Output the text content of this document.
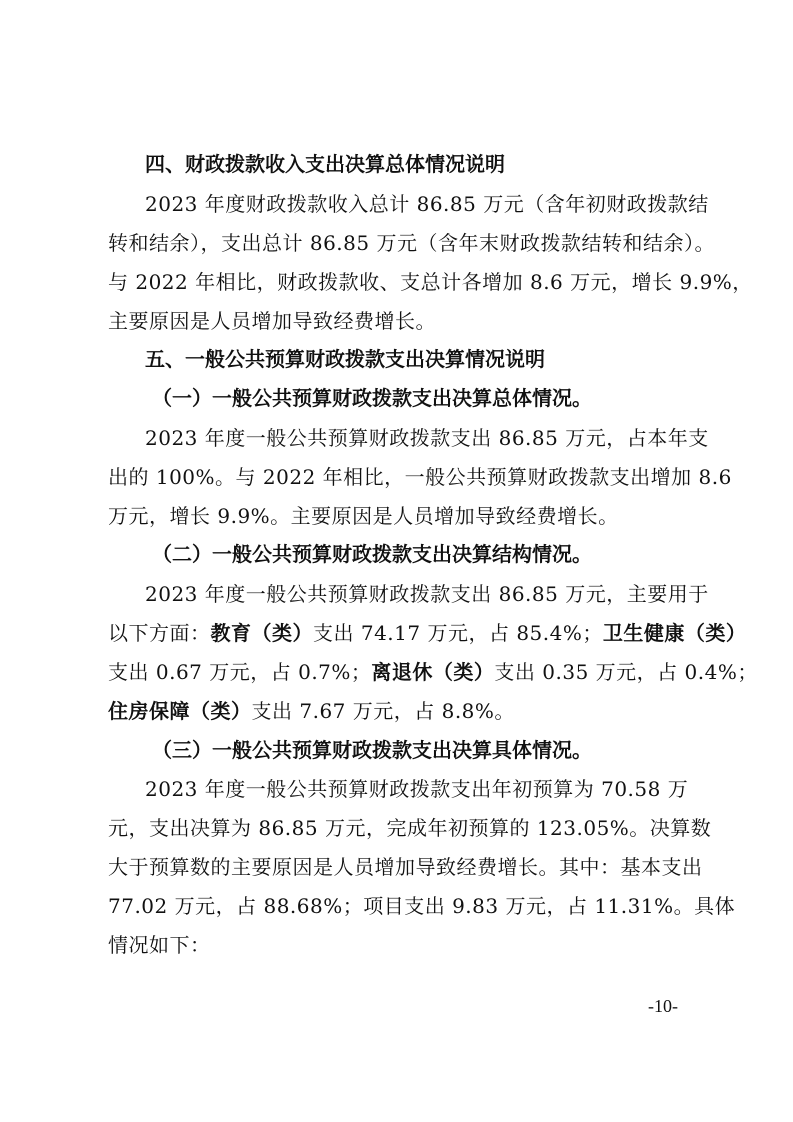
四、财政拨款收入支出决算总体情况说明
2023 年度财政拨款收入总计 86.85 万元（含年初财政拨款结
转和结余），支出总计 86.85 万元（含年末财政拨款结转和结余）。
与 2022 年相比，财政拨款收、支总计各增加 8.6 万元，增长 9.9%，
主要原因是人员增加导致经费增长。
五、一般公共预算财政拨款支出决算情况说明
（一）一般公共预算财政拨款支出决算总体情况。
2023 年度一般公共预算财政拨款支出 86.85 万元，占本年支
出的 100%。与 2022 年相比，一般公共预算财政拨款支出增加 8.6
万元，增长 9.9%。主要原因是人员增加导致经费增长。
（二）一般公共预算财政拨款支出决算结构情况。
2023 年度一般公共预算财政拨款支出 86.85 万元，主要用于
以下方面：教育（类）支出 74.17 万元，占 85.4%；卫生健康（类）
支出 0.67 万元，占 0.7%；离退休（类）支出 0.35 万元，占 0.4%；
住房保障（类）支出 7.67 万元，占 8.8%。
（三）一般公共预算财政拨款支出决算具体情况。
2023 年度一般公共预算财政拨款支出年初预算为 70.58 万
元，支出决算为 86.85 万元，完成年初预算的 123.05%。决算数
大于预算数的主要原因是人员增加导致经费增长。其中：基本支出
77.02 万元，占 88.68%；项目支出 9.83 万元，占 11.31%。具体
情况如下：
-10-
